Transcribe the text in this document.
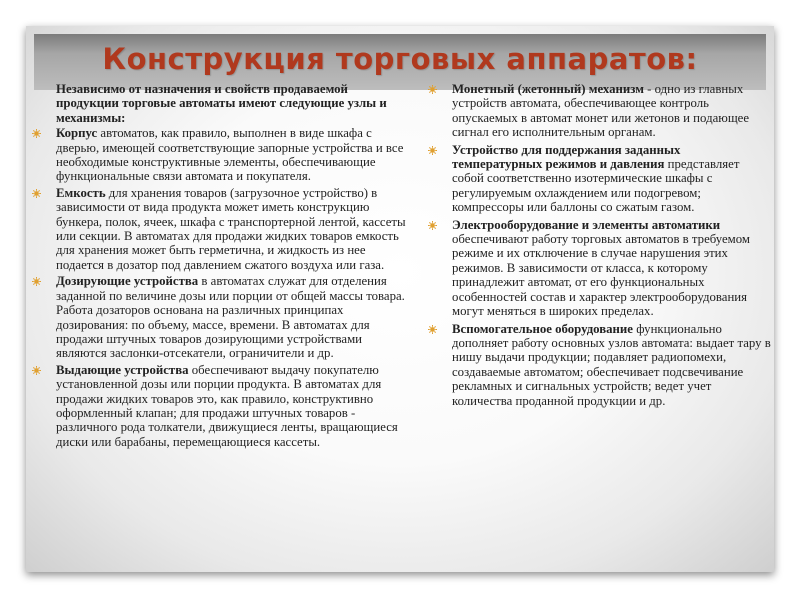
Конструкция торговых аппаратов:

Независимо от назначения и свойств продаваемой продукции торговые автоматы имеют следующие узлы и механизмы:

Корпус автоматов, как правило, выполнен в виде шкафа с дверью, имеющей соответствующие запорные устройства и все необходимые конструктивные элементы, обеспечивающие функциональные связи автомата и покупателя.
Емкость для хранения товаров (загрузочное устройство) в зависимости от вида продукта может иметь конструкцию бункера, полок, ячеек, шкафа с транспортерной лентой, кассеты или секции. В автоматах для продажи жидких товаров емкость для хранения может быть герметична, и жидкость из нее подается в дозатор под давлением сжатого воздуха или газа.
Дозирующие устройства в автоматах служат для отделения заданной по величине дозы или порции от общей массы товара. Работа дозаторов основана на различных принципах дозирования: по объему, массе, времени. В автоматах для продажи штучных товаров дозирующими устройствами являются заслонки-отсекатели, ограничители и др.
Выдающие устройства обеспечивают выдачу покупателю установленной дозы или порции продукта. В автоматах для продажи жидких товаров это, как правило, конструктивно оформленный клапан; для продажи штучных товаров - различного рода толкатели, движущиеся ленты, вращающиеся диски или барабаны, перемещающиеся кассеты.
Монетный (жетонный) механизм - одно из главных устройств автомата, обеспечивающее контроль опускаемых в автомат монет или жетонов и подающее сигнал его исполнительным органам.
Устройство для поддержания заданных температурных режимов и давления представляет собой соответственно изотермические шкафы с регулируемым охлаждением или подогревом; компрессоры или баллоны со сжатым газом.
Электрооборудование и элементы автоматики обеспечивают работу торговых автоматов в требуемом режиме и их отключение в случае нарушения этих режимов. В зависимости от класса, к которому принадлежит автомат, от его функциональных особенностей состав и характер электрооборудования могут меняться в широких пределах.
Вспомогательное оборудование функционально дополняет работу основных узлов автомата: выдает тару в нишу выдачи продукции; подавляет радиопомехи, создаваемые автоматом; обеспечивает подсвечивание рекламных и сигнальных устройств; ведет учет количества проданной продукции и др.
